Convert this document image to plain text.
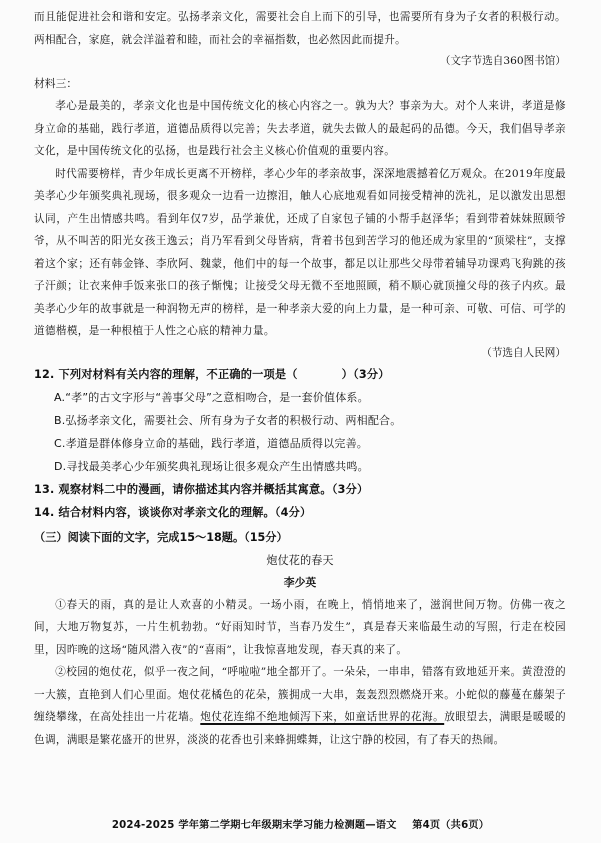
而且能促进社会和谐和安定。弘扬孝亲文化，需要社会自上而下的引导，也需要所有身为子女者的积极行动。两相配合，家庭，就会洋溢着和睦，而社会的幸福指数，也必然因此而提升。

（文字节选自360图书馆）

材料三：

孝心是最美的，孝亲文化也是中国传统文化的核心内容之一。孰为大？事亲为大。对个人来讲，孝道是修身立命的基础，践行孝道，道德品质得以完善；失去孝道，就失去做人的最起码的品德。今天，我们倡导孝亲文化，是中国传统文化的弘扬，也是践行社会主义核心价值观的重要内容。

时代需要榜样，青少年成长更离不开榜样，孝心少年的孝亲故事，深深地震撼着亿万观众。在2019年度最美孝心少年颁奖典礼现场，很多观众一边看一边擦泪，触人心底地观看如同接受精神的洗礼，足以激发出思想认同，产生出情感共鸣。看到年仅7岁，品学兼优，还成了自家包子铺的小帮手赵泽华；看到带着妹妹照顾爷爷，从不叫苦的阳光女孩王逸云；肖乃军看到父母皆病，背着书包到苦学习的他还成为家里的“顶梁柱”，支撑着这个家；还有韩金锋、李欣阿、魏蒙，他们中的每一个故事，都足以让那些父母带着辅导功课鸡飞狗跳的孩子汗颜；让衣来伸手饭来张口的孩子惭愧；让接受父母无微不至地照顾，稍不顺心就顶撞父母的孩子内疚。最美孝心少年的故事就是一种润物无声的榜样，是一种孝亲大爱的向上力量，是一种可亲、可敬、可信、可学的道德楷模，是一种根植于人性之心底的精神力量。

（节选自人民网）

12. 下列对材料有关内容的理解，不正确的一项是（	）（3分）

A.“孝”的古文字形与“善事父母”之意相吻合，是一套价值体系。

B.弘扬孝亲文化，需要社会、所有身为子女者的积极行动、两相配合。

C.孝道是群体修身立命的基础，践行孝道，道德品质得以完善。

D.寻找最美孝心少年颁奖典礼现场让很多观众产生出情感共鸣。

13. 观察材料二中的漫画，请你描述其内容并概括其寓意。（3分）

14. 结合材料内容，谈谈你对孝亲文化的理解。（4分）

（三）阅读下面的文字，完成15～18题。（15分）

炮仗花的春天

李少英

①春天的雨，真的是让人欢喜的小精灵。一场小雨，在晚上，悄悄地来了，滋润世间万物。仿佛一夜之间，大地万物复苏，一片生机勃勃。“好雨知时节，当春乃发生”，真是春天来临最生动的写照，行走在校园里，因昨晚的这场“随风潜入夜”的“喜雨”，让我惊喜地发现，春天真的来了。

②校园的炮仗花，似乎一夜之间，“呼啦啦”地全都开了。一朵朵，一串串，错落有致地延开来。黄澄澄的一大簇，直艳到人们心里面。炮仗花橘色的花朵，簇拥成一大串，轰轰烈烈燃烧开来。小蛇似的藤蔓在藤架子缠绕攀缘，在高处挂出一片花墙。炮仗花连绵不绝地倾泻下来，如童话世界的花海。放眼望去，满眼是暖暖的色调，满眼是繁花盛开的世界，淡淡的花香也引来蜂拥蝶舞，让这宁静的校园，有了春天的热闹。

2024-2025 学年第二学期七年级期末学习能力检测题—语文 第4页（共6页）
